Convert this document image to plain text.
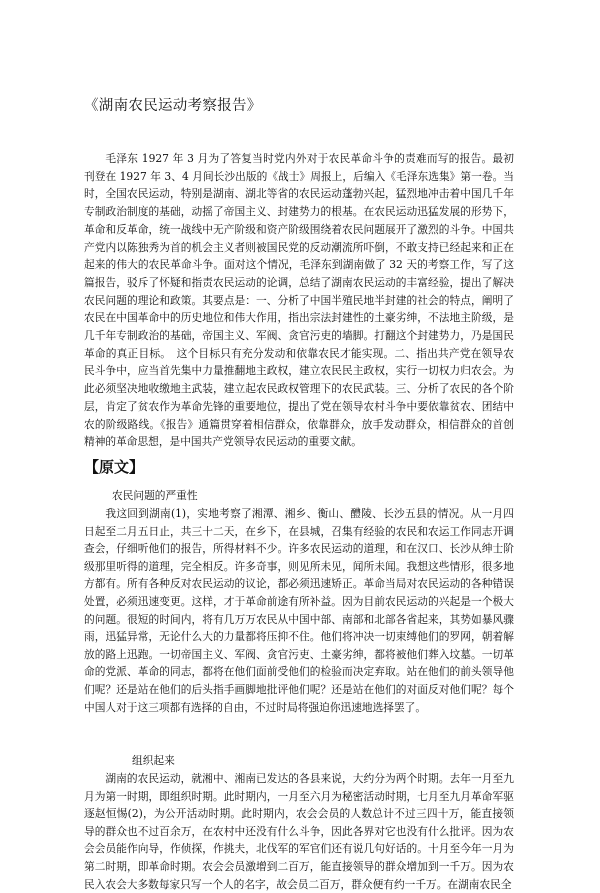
《湖南农民运动考察报告》

毛泽东 1927 年 3 月为了答复当时党内外对于农民革命斗争的责难而写的报告。最初刊登在 1927 年 3、4 月间长沙出版的《战士》周报上，后编入《毛泽东选集》第一卷。当时，全国农民运动，特别是湖南、湖北等省的农民运动蓬勃兴起，猛烈地冲击着中国几千年专制政治制度的基础，动摇了帝国主义、封建势力的根基。在农民运动迅猛发展的形势下，革命和反革命，统一战线中无产阶级和资产阶级围绕着农民问题展开了激烈的斗争。中国共产党内以陈独秀为首的机会主义者则被国民党的反动潮流所吓倒，不敢支持已经起来和正在起来的伟大的农民革命斗争。面对这个情况，毛泽东到湖南做了 32 天的考察工作，写了这篇报告，驳斥了怀疑和指责农民运动的论调，总结了湖南农民运动的丰富经验，提出了解决农民问题的理论和政策。其要点是：一、分析了中国半殖民地半封建的社会的特点，阐明了农民在中国革命中的历史地位和伟大作用，指出宗法封建性的土豪劣绅，不法地主阶级，是几千年专制政治的基础，帝国主义、军阀、贪官污吏的墙脚。打翻这个封建势力，乃是国民革命的真正目标。　这个目标只有充分发动和依靠农民才能实现。二、指出共产党在领导农民斗争中，应当首先集中力量推翻地主政权，建立农民民主政权，实行一切权力归农会。为此必须坚决地收缴地主武装，建立起农民政权管理下的农民武装。三、分析了农民的各个阶层，肯定了贫农作为革命先锋的重要地位，提出了党在领导农村斗争中要依靠贫农、团结中农的阶级路线。《报告》通篇贯穿着相信群众，依靠群众，放手发动群众，相信群众的首创精神的革命思想，是中国共产党领导农民运动的重要文献。

【原文】
农民问题的严重性

我这回到湖南(1)，实地考察了湘潭、湘乡、衡山、醴陵、长沙五县的情况。从一月四日起至二月五日止，共三十二天，在乡下，在县城，召集有经验的农民和农运工作同志开调查会，仔细听他们的报告，所得材料不少。许多农民运动的道理，和在汉口、长沙从绅士阶级那里听得的道理，完全相反。许多奇事，则见所未见，闻所未闻。我想这些情形，很多地方都有。所有各种反对农民运动的议论，都必须迅速矫正。革命当局对农民运动的各种错误处置，必须迅速变更。这样，才于革命前途有所补益。因为目前农民运动的兴起是一个极大的问题。很短的时间内，将有几万万农民从中国中部、南部和北部各省起来，其势如暴风骤雨，迅猛异常，无论什么大的力量都将压抑不住。他们将冲决一切束缚他们的罗网，朝着解放的路上迅跑。一切帝国主义、军阀、贪官污吏、土豪劣绅，都将被他们葬入坟墓。一切革命的党派、革命的同志，都将在他们面前受他们的检验而决定弃取。站在他们的前头领导他们呢？还是站在他们的后头指手画脚地批评他们呢？还是站在他们的对面反对他们呢？每个中国人对于这三项都有选择的自由，不过时局将强迫你迅速地选择罢了。

组织起来

湖南的农民运动，就湘中、湘南已发达的各县来说，大约分为两个时期。去年一月至九月为第一时期，即组织时期。此时期内，一月至六月为秘密活动时期，七月至九月革命军驱逐赵恒惕(2)，为公开活动时期。此时期内，农会会员的人数总计不过三四十万，能直接领导的群众也不过百余万，在农村中还没有什么斗争，因此各界对它也没有什么批评。因为农会会员能作向导，作侦探，作挑夫，北伐军的军官们还有说几句好话的。十月至今年一月为第二时期，即革命时期。农会会员激增到二百万，能直接领导的群众增加到一千万。因为农民入农会大多数每家只写一个人的名字，故会员二百万，群众便有约一千万。在湖南农民全
